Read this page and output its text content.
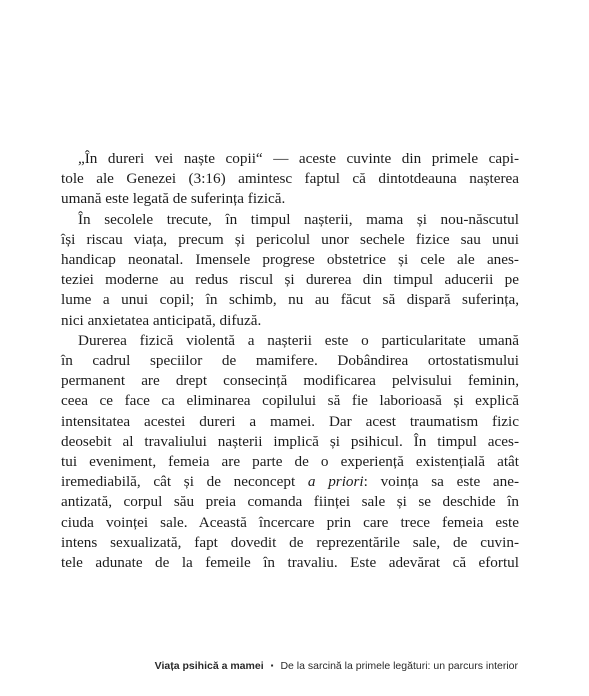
„În dureri vei naște copii“ — aceste cuvinte din primele capi-
tole ale Genezei (3:16) amintesc faptul că dintotdeauna nașterea
umană este legată de suferința fizică.
În secolele trecute, în timpul nașterii, mama și nou-născutul
își riscau viața, precum și pericolul unor sechele fizice sau unui
handicap neonatal. Imensele progrese obstetrice și cele ale anes-
teziei moderne au redus riscul și durerea din timpul aducerii pe
lume a unui copil; în schimb, nu au făcut să dispară suferința,
nici anxietatea anticipată, difuză.
Durerea fizică violentă a nașterii este o particularitate umană
în cadrul speciilor de mamifere. Dobândirea ortostatismului
permanent are drept consecință modificarea pelvisului feminin,
ceea ce face ca eliminarea copilului să fie laborioasă și explică
intensitatea acestei dureri a mamei. Dar acest traumatism fizic
deosebit al travaliului nașterii implică și psihicul. În timpul aces-
tui eveniment, femeia are parte de o experiență existențială atât
iremediabilă, cât și de neconcept a priori: voința sa este anе-
antizată, corpul său preia comanda ființei sale și se deschide în
ciuda voinței sale. Această încercare prin care trece femeia este
intens sexualizată, fapt dovedit de reprezentările sale, de cuvin-
tele adunate de la femeile în travaliu. Este adevărat că efortul
Viața psihică a mamei ▪ De la sarcină la primele legături: un parcurs interior
